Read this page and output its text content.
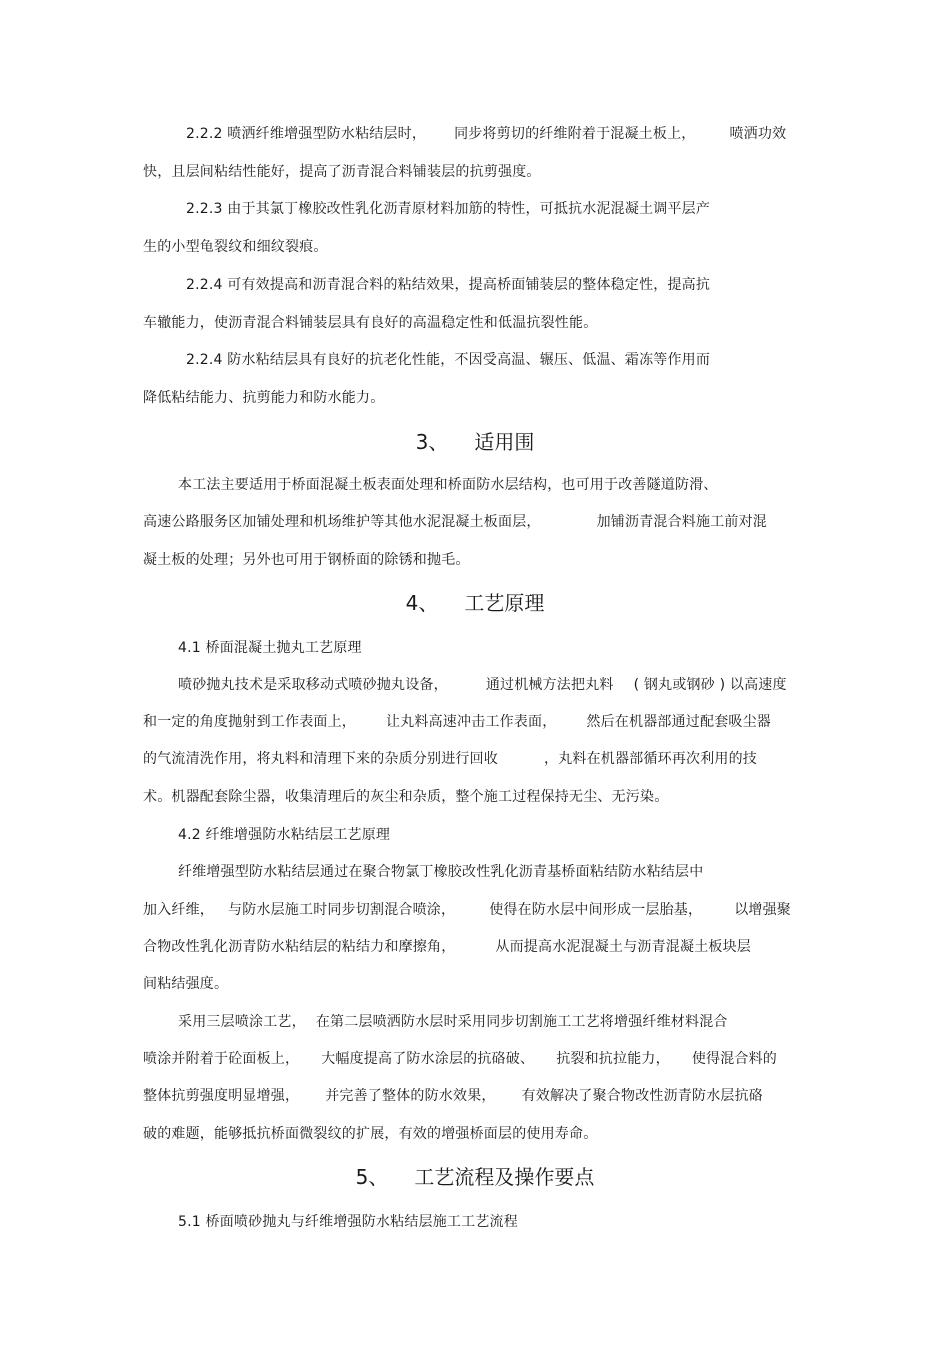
2.2.2 喷洒纤维增强型防水粘结层时， 同步将剪切的纤维附着于混凝土板上， 喷洒功效
快，且层间粘结性能好，提高了沥青混合料铺装层的抗剪强度。
2.2.3 由于其氯丁橡胶改性乳化沥青原材料加筋的特性，可抵抗水泥混凝土调平层产
生的小型龟裂纹和细纹裂痕。
2.2.4 可有效提高和沥青混合料的粘结效果，提高桥面铺装层的整体稳定性，提高抗
车辙能力，使沥青混合料铺装层具有良好的高温稳定性和低温抗裂性能。
2.2.4 防水粘结层具有良好的抗老化性能，不因受高温、辗压、低温、霜冻等作用而
降低粘结能力、抗剪能力和防水能力。
3、 适用围
本工法主要适用于桥面混凝土板表面处理和桥面防水层结构，也可用于改善隧道防滑、
高速公路服务区加铺处理和机场维护等其他水泥混凝土板面层，	加铺沥青混合料施工前对混
凝土板的处理；另外也可用于钢桥面的除锈和抛毛。
4、 工艺原理
4.1 桥面混凝土抛丸工艺原理
喷砂抛丸技术是采取移动式喷砂抛丸设备，	通过机械方法把丸料 ( 钢丸或钢砂 ) 以高速度
和一定的角度抛射到工作表面上， 让丸料高速冲击工作表面， 然后在机器部通过配套吸尘器
的气流清洗作用，将丸料和清理下来的杂质分别进行回收	，丸料在机器部循环再次利用的技
术。机器配套除尘器，收集清理后的灰尘和杂质，整个施工过程保持无尘、无污染。
4.2 纤维增强防水粘结层工艺原理
纤维增强型防水粘结层通过在聚合物氯丁橡胶改性乳化沥青基桥面粘结防水粘结层中
加入纤维， 与防水层施工时同步切割混合喷涂， 使得在防水层中间形成一层胎基， 以增强聚
合物改性乳化沥青防水粘结层的粘结力和摩擦角，	从而提高水泥混凝土与沥青混凝土板块层
间粘结强度。
采用三层喷涂工艺， 在第二层喷洒防水层时采用同步切割施工工艺将增强纤维材料混合
喷涂并附着于砼面板上， 大幅度提高了防水涂层的抗硌破、 抗裂和抗拉能力， 使得混合料的
整体抗剪强度明显增强， 并完善了整体的防水效果， 有效解决了聚合物改性沥青防水层抗硌
破的难题，能够抵抗桥面微裂纹的扩展，有效的增强桥面层的使用寿命。
5、 工艺流程及操作要点
5.1 桥面喷砂抛丸与纤维增强防水粘结层施工工艺流程
